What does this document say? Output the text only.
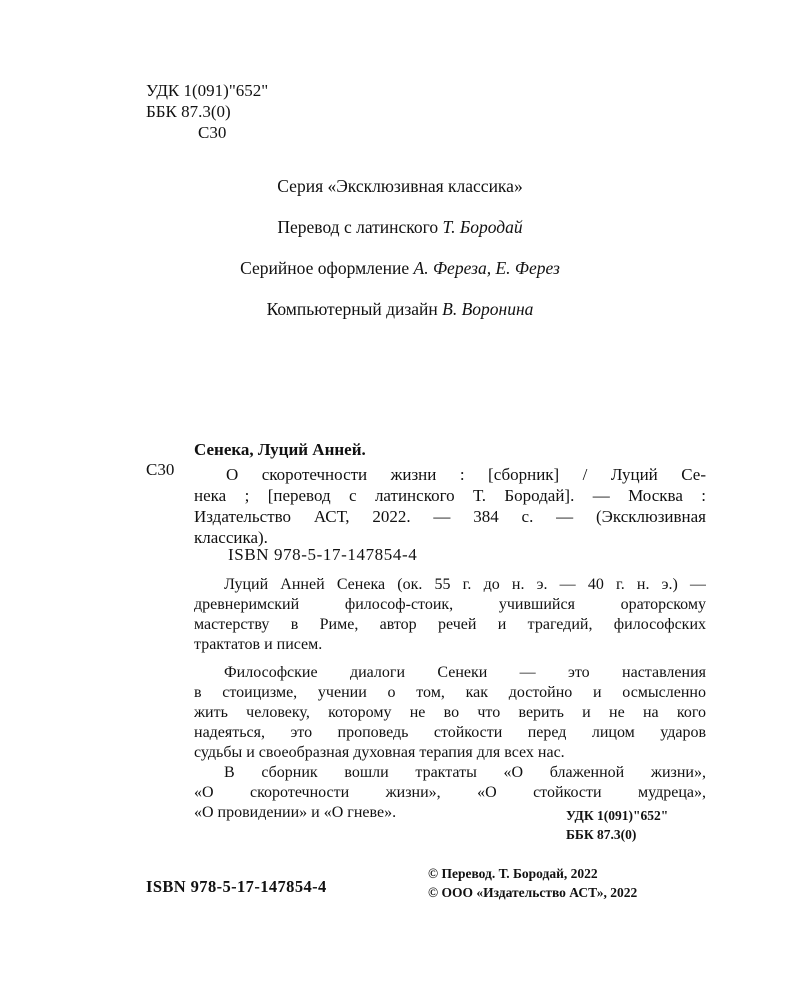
УДК 1(091)"652"
ББК 87.3(0)
С30
Серия «Эксклюзивная классика»
Перевод с латинского Т. Бородай
Серийное оформление А. Фереза, Е. Ферез
Компьютерный дизайн В. Воронина
Сенека, Луций Анней.
С30	О скоротечности жизни : [сборник] / Луций Се-
нека ; [перевод с латинского Т. Бородай]. — Москва :
Издательство АСТ, 2022. — 384 с. — (Эксклюзивная
классика).
ISBN 978-5-17-147854-4
Луций Анней Сенека (ок. 55 г. до н. э. — 40 г. н. э.) —
древнеримский философ-стоик, учившийся ораторскому
мастерству в Риме, автор речей и трагедий, философских
трактатов и писем.
Философские диалоги Сенеки — это наставления
в стоицизме, учении о том, как достойно и осмысленно
жить человеку, которому не во что верить и не на кого
надеяться, это проповедь стойкости перед лицом ударов
судьбы и своеобразная духовная терапия для всех нас.
В сборник вошли трактаты «О блаженной жизни»,
«О скоротечности жизни», «О стойкости мудреца»,
«О провидении» и «О гневе».	УДК 1(091)"652"
ББК 87.3(0)
ISBN 978-5-17-147854-4
© Перевод. Т. Бородай, 2022
© ООО «Издательство АСТ», 2022
